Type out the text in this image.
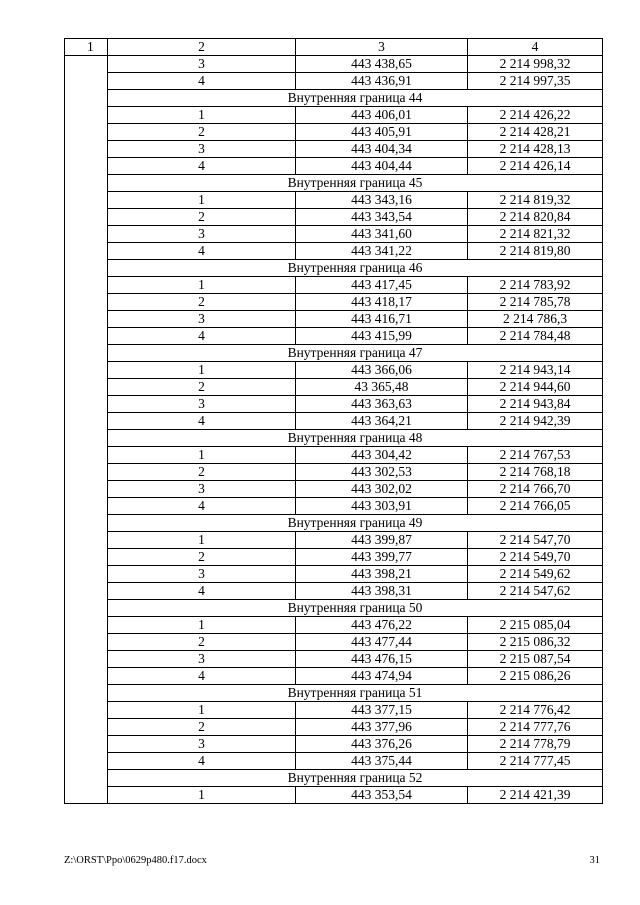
1	2	3	4
	3	443 438,65	2 214 998,32
	4	443 436,91	2 214 997,35
	Внутренняя граница 44		
	1	443 406,01	2 214 426,22
	2	443 405,91	2 214 428,21
	3	443 404,34	2 214 428,13
	4	443 404,44	2 214 426,14
	Внутренняя граница 45		
	1	443 343,16	2 214 819,32
	2	443 343,54	2 214 820,84
	3	443 341,60	2 214 821,32
	4	443 341,22	2 214 819,80
	Внутренняя граница 46		
	1	443 417,45	2 214 783,92
	2	443 418,17	2 214 785,78
	3	443 416,71	2 214 786,3
	4	443 415,99	2 214 784,48
	Внутренняя граница 47		
	1	443 366,06	2 214 943,14
	2	43 365,48	2 214 944,60
	3	443 363,63	2 214 943,84
	4	443 364,21	2 214 942,39
	Внутренняя граница 48		
	1	443 304,42	2 214 767,53
	2	443 302,53	2 214 768,18
	3	443 302,02	2 214 766,70
	4	443 303,91	2 214 766,05
	Внутренняя граница 49		
	1	443 399,87	2 214 547,70
	2	443 399,77	2 214 549,70
	3	443 398,21	2 214 549,62
	4	443 398,31	2 214 547,62
	Внутренняя граница 50		
	1	443 476,22	2 215 085,04
	2	443 477,44	2 215 086,32
	3	443 476,15	2 215 087,54
	4	443 474,94	2 215 086,26
	Внутренняя граница 51		
	1	443 377,15	2 214 776,42
	2	443 377,96	2 214 777,76
	3	443 376,26	2 214 778,79
	4	443 375,44	2 214 777,45
	Внутренняя граница 52		
	1	443 353,54	2 214 421,39
Z:\ORST\Ppo\0629p480.f17.docx	31
